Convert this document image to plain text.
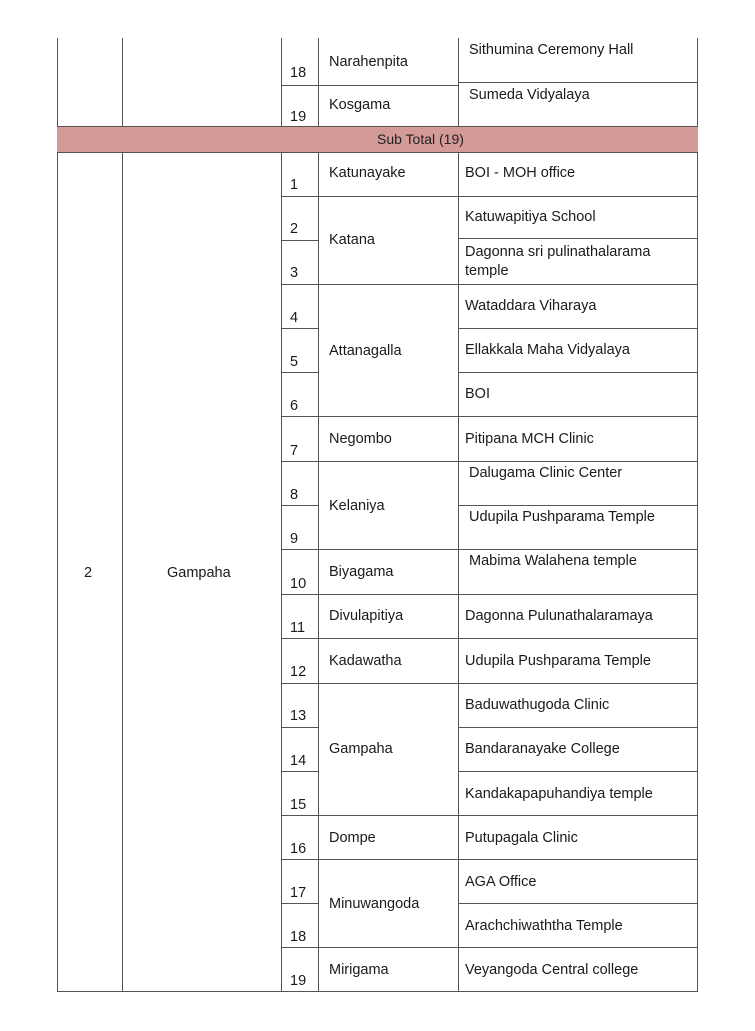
Sub Total (19)
18
Narahenpita
Sithumina Ceremony Hall
19
Kosgama
Sumeda Vidyalaya
2	Gampaha
1
2
3
4
5
6
7
8
9
10
11
12
13
14
15
16
17
18
19
Katunayake
Katana
Attanagalla
Negombo
Kelaniya
Biyagama
Divulapitiya
Kadawatha
Gampaha
Dompe
Minuwangoda
Mirigama
BOI - MOH office
Katuwapitiya School
Dagonna sri pulinathalarama temple
Wataddara Viharaya
Ellakkala Maha Vidyalaya
BOI
Pitipana MCH Clinic
Dalugama Clinic Center
Udupila Pushparama Temple
Mabima Walahena temple
Dagonna Pulunathalaramaya
Udupila Pushparama Temple
Baduwathugoda Clinic
Bandaranayake College
Kandakapapuhandiya temple
Putupagala Clinic
AGA Office
Arachchiwaththa Temple
Veyangoda Central college
